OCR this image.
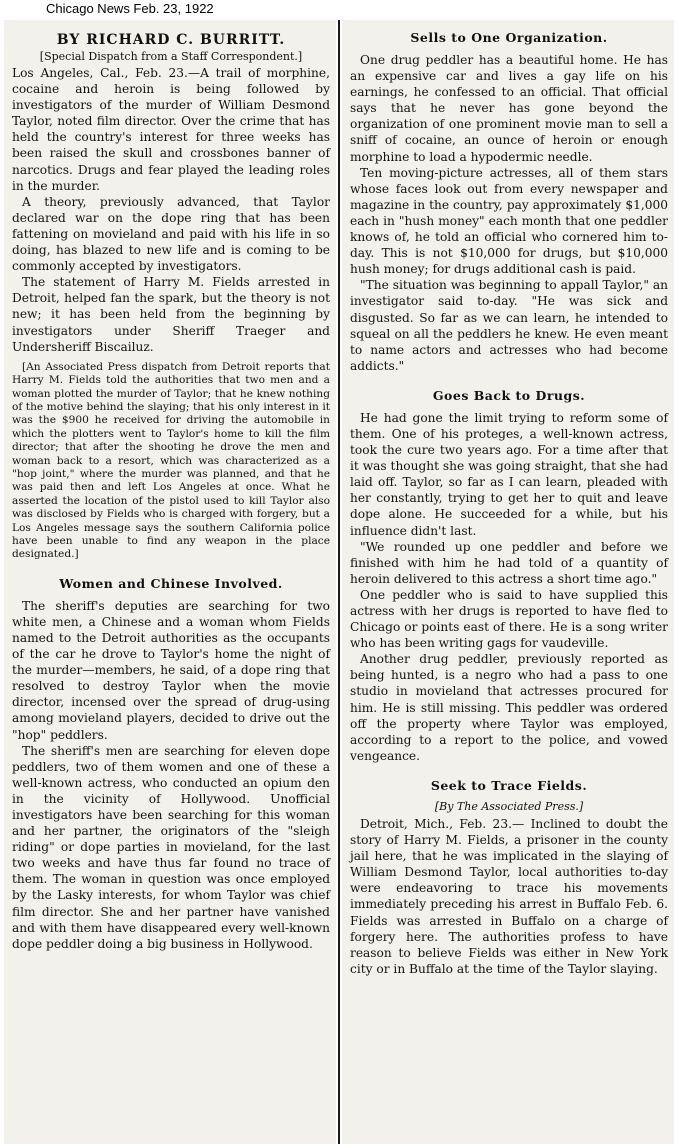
Chicago News Feb. 23, 1922
BY RICHARD C. BURRITT.
[Special Dispatch from a Staff Correspondent.]

Los Angeles, Cal., Feb. 23.—A trail of morphine, cocaine and heroin is being followed by investigators of the murder of William Desmond Taylor, noted film director. Over the crime that has held the country's interest for three weeks has been raised the skull and crossbones banner of narcotics. Drugs and fear played the leading roles in the murder.

A theory, previously advanced, that Taylor declared war on the dope ring that has been fattening on movieland and paid with his life in so doing, has blazed to new life and is coming to be commonly accepted by investigators.

The statement of Harry M. Fields arrested in Detroit, helped fan the spark, but the theory is not new; it has been held from the beginning by investigators under Sheriff Traeger and Undersheriff Biscailuz.

[An Associated Press dispatch from Detroit reports that Harry M. Fields told the authorities that two men and a woman plotted the murder of Taylor; that he knew nothing of the motive behind the slaying; that his only interest in it was the $900 he received for driving the automobile in which the plotters went to Taylor's home to kill the film director; that after the shooting he drove the men and woman back to a resort, which was characterized as a "hop joint," where the murder was planned, and that he was paid then and left Los Angeles at once. What he asserted the location of the pistol used to kill Taylor also was disclosed by Fields who is charged with forgery, but a Los Angeles message says the southern California police have been unable to find any weapon in the place designated.]

Women and Chinese Involved.

The sheriff's deputies are searching for two white men, a Chinese and a woman whom Fields named to the Detroit authorities as the occupants of the car he drove to Taylor's home the night of the murder—members, he said, of a dope ring that resolved to destroy Taylor when the movie director, incensed over the spread of drug-using among movieland players, decided to drive out the "hop" peddlers.

The sheriff's men are searching for eleven dope peddlers, two of them women and one of these a well-known actress, who conducted an opium den in the vicinity of Hollywood. Unofficial investigators have been searching for this woman and her partner, the originators of the "sleigh riding" or dope parties in movieland, for the last two weeks and have thus far found no trace of them. The woman in question was once employed by the Lasky interests, for whom Taylor was chief film director. She and her partner have vanished and with them have disappeared every well-known dope peddler doing a big business in Hollywood.

Sells to One Organization.

One drug peddler has a beautiful home. He has an expensive car and lives a gay life on his earnings, he confessed to an official. That official says that he never has gone beyond the organization of one prominent movie man to sell a sniff of cocaine, an ounce of heroin or enough morphine to load a hypodermic needle.

Ten moving-picture actresses, all of them stars whose faces look out from every newspaper and magazine in the country, pay approximately $1,000 each in "hush money" each month that one peddler knows of, he told an official who cornered him to-day. This is not $10,000 for drugs, but $10,000 hush money; for drugs additional cash is paid.

"The situation was beginning to appall Taylor," an investigator said to-day. "He was sick and disgusted. So far as we can learn, he intended to squeal on all the peddlers he knew. He even meant to name actors and actresses who had become addicts."

Goes Back to Drugs.

He had gone the limit trying to reform some of them. One of his proteges, a well-known actress, took the cure two years ago. For a time after that it was thought she was going straight, that she had laid off. Taylor, so far as I can learn, pleaded with her constantly, trying to get her to quit and leave dope alone. He succeeded for a while, but his influence didn't last.

"We rounded up one peddler and before we finished with him he had told of a quantity of heroin delivered to this actress a short time ago."

One peddler who is said to have supplied this actress with her drugs is reported to have fled to Chicago or points east of there. He is a song writer who has been writing gags for vaudeville.

Another drug peddler, previously reported as being hunted, is a negro who had a pass to one studio in movieland that actresses procured for him. He is still missing. This peddler was ordered off the property where Taylor was employed, according to a report to the police, and vowed vengeance.

Seek to Trace Fields.
[By The Associated Press.]

Detroit, Mich., Feb. 23.— Inclined to doubt the story of Harry M. Fields, a prisoner in the county jail here, that he was implicated in the slaying of William Desmond Taylor, local authorities to-day were endeavoring to trace his movements immediately preceding his arrest in Buffalo Feb. 6. Fields was arrested in Buffalo on a charge of forgery here. The authorities profess to have reason to believe Fields was either in New York city or in Buffalo at the time of the Taylor slaying.
